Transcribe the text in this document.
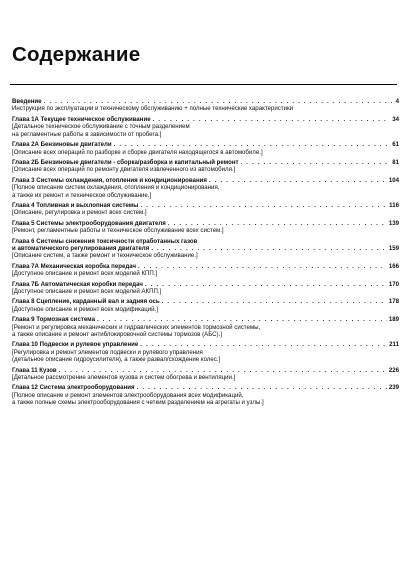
Содержание
Введение . . .	4
Инструкция по эксплуатации и техническому обслуживанию + полные технические характеристики
Глава 1А Текущее техническое обслуживание . . .	34
[Детальное техническое обслуживание с точным разделением
на регламентные работы в зависимости от пробега.]
Глава 2А Бензиновые двигатели . . .	61
[Описание всех операций по разборке и сборке двигателя находящегося в автомобиле.]
Глава 2Б Бензиновые двигатели - сборка/разборка и капитальный ремонт . . .	81
[Описание всех операций по ремонту двигателя извлеченного из автомобиля.]
Глава 3 Системы охлаждения, отопления и кондиционирования . . .	104
[Полное описание систем охлаждения, отопления и кондиционирования,
а также их ремонт и техническое обслуживание.]
Глава 4 Топливная и выхлопная системы . . .	116
[Описание, регулировка и ремонт всех систем.]
Глава 5 Системы электрооборудования двигателя . . .	139
[Ремонт, регламентные работы и техническое обслуживание всех систем.]
Глава 6 Системы снижения токсичности отработанных газов
и автоматического регулирования двигателя . . .	159
[Описание систем, а также ремонт и техническое обслуживание.]
Глава 7А Механическая коробка передач . . .	166
[Доступное описание и ремонт всех моделей КПП.]
Глава 7Б Автоматическая коробки передач . . .	170
[Доступное описание и ремонт всех моделей АКПП.]
Глава 8 Сцепление, карданный вал и задняя ось . . .	178
[Доступное описание и ремонт всех модификаций.]
Глава 9 Тормозная система . . .	189
[Ремонт и регулировка механических и гидравлических элементов тормозной системы,
а также описание и ремонт антиблокировочной системы тормозов (АБС).]
Глава 10 Подвески и рулевое управление . . .	211
[Регулировка и ремонт элементов подвески и рулевого управления
(детальное описание гидроусилителя), а также развал/схождение колес.]
Глава 11 Кузов . . .	226
[Детальное рассмотрение элементов кузова и систем обогрева и вентиляции.]
Глава 12 Система электрооборудования . . .	239
[Полное описание и ремонт элементов электрооборудования всех модификаций,
а также полные схемы электрооборудования с четким разделением на агрегаты и узлы.]
